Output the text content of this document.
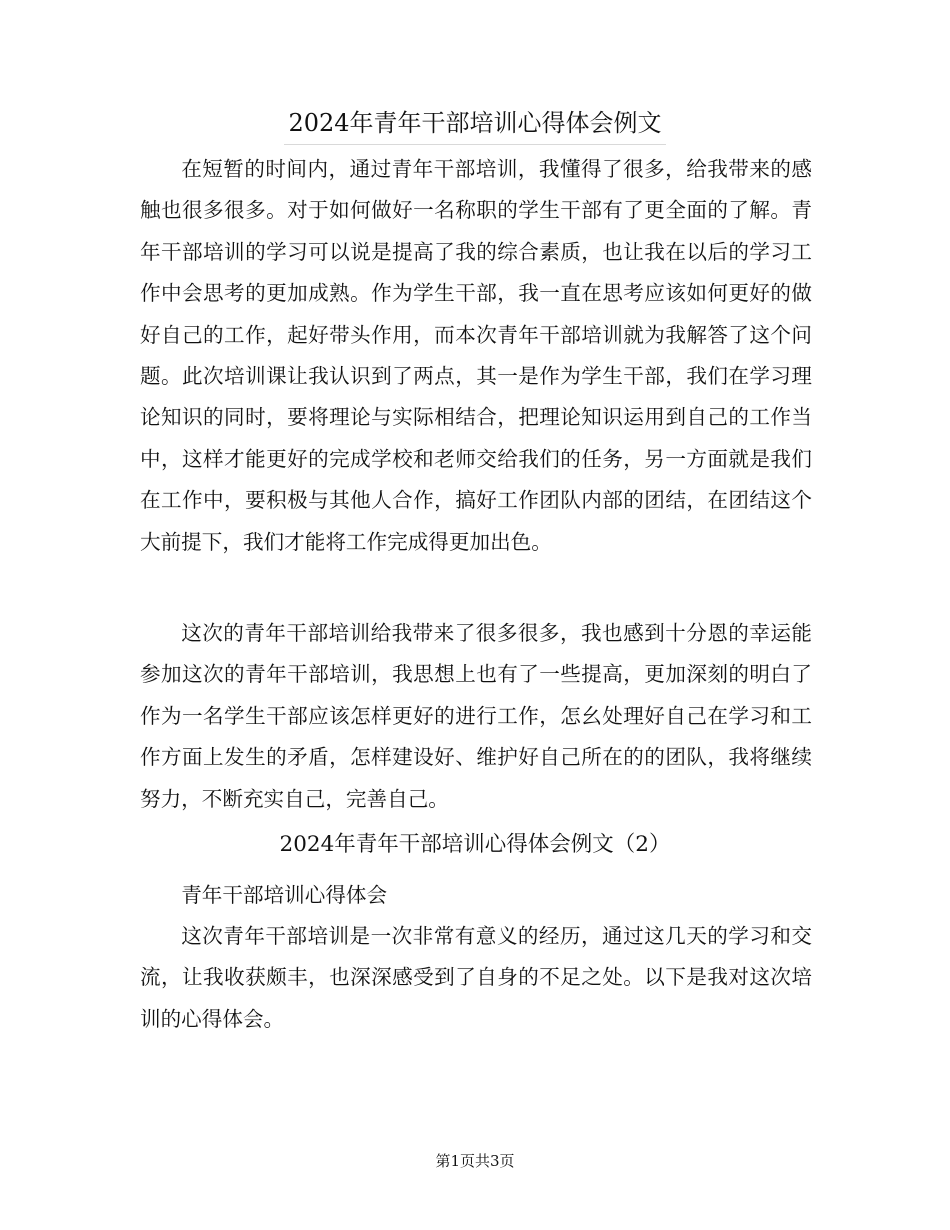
2024年青年干部培训心得体会例文

在短暂的时间内，通过青年干部培训，我懂得了很多，给我带来的感触也很多很多。对于如何做好一名称职的学生干部有了更全面的了解。青年干部培训的学习可以说是提高了我的综合素质，也让我在以后的学习工作中会思考的更加成熟。作为学生干部，我一直在思考应该如何更好的做好自己的工作，起好带头作用，而本次青年干部培训就为我解答了这个问题。此次培训课让我认识到了两点，其一是作为学生干部，我们在学习理论知识的同时，要将理论与实际相结合，把理论知识运用到自己的工作当中，这样才能更好的完成学校和老师交给我们的任务，另一方面就是我们在工作中，要积极与其他人合作，搞好工作团队内部的团结，在团结这个大前提下，我们才能将工作完成得更加出色。

这次的青年干部培训给我带来了很多很多，我也感到十分恩的幸运能参加这次的青年干部培训，我思想上也有了一些提高，更加深刻的明白了作为一名学生干部应该怎样更好的进行工作，怎幺处理好自己在学习和工作方面上发生的矛盾，怎样建设好、维护好自己所在的的团队，我将继续努力，不断充实自己，完善自己。

2024年青年干部培训心得体会例文（2）

青年干部培训心得体会

这次青年干部培训是一次非常有意义的经历，通过这几天的学习和交流，让我收获颇丰，也深深感受到了自身的不足之处。以下是我对这次培训的心得体会。

第1页共3页
